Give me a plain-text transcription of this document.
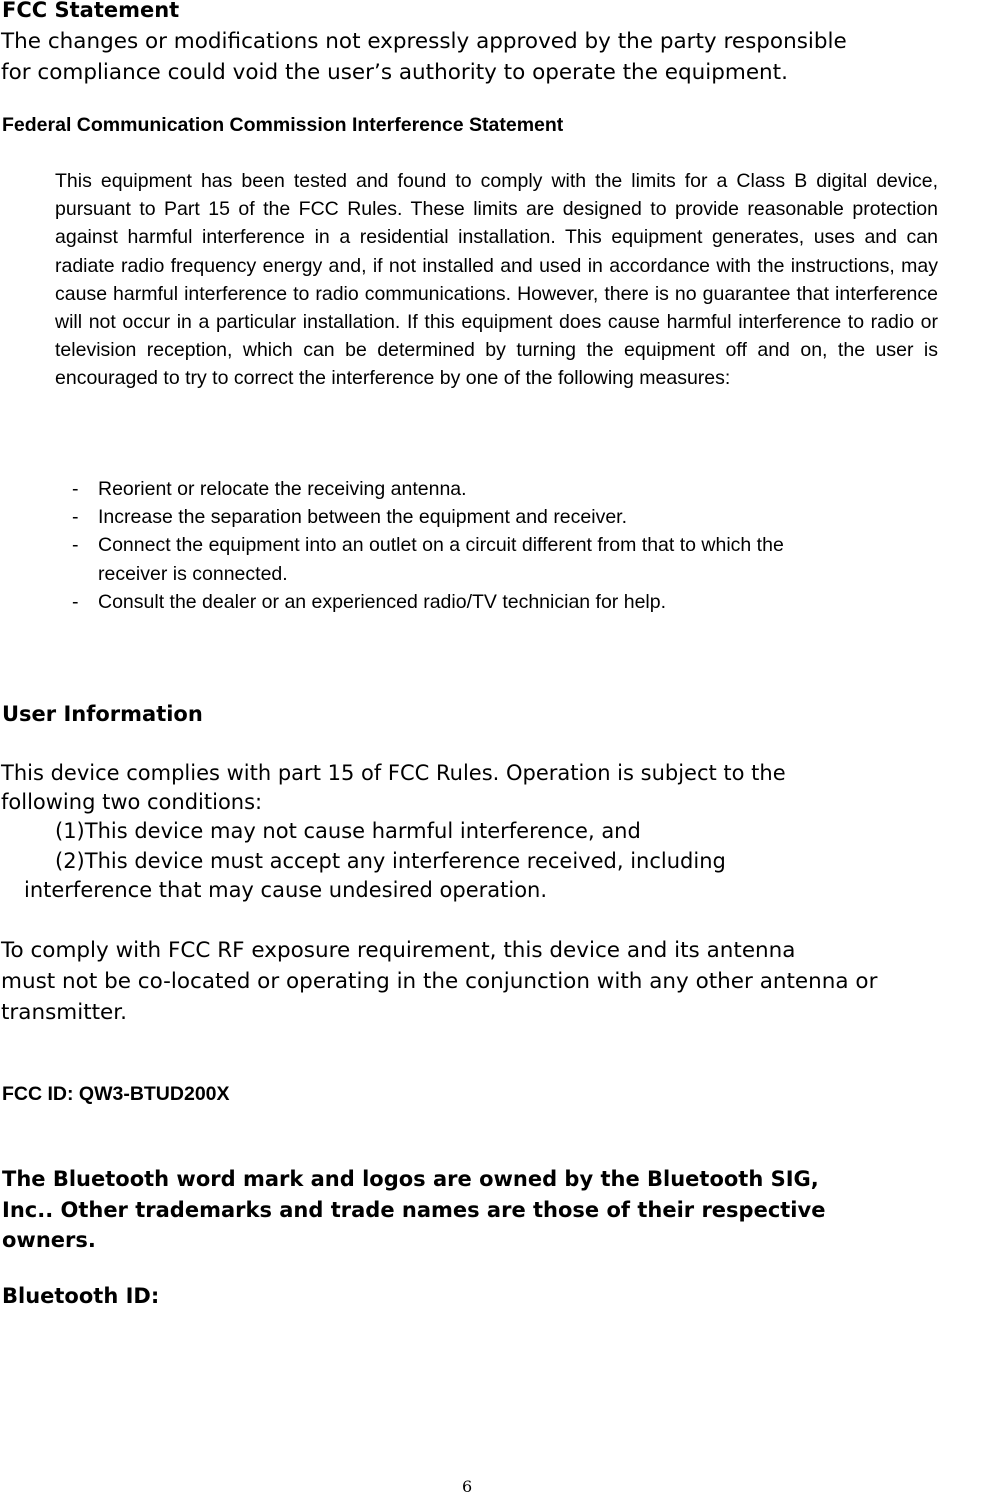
FCC Statement
The changes or modifications not expressly approved by the party responsible
for compliance could void the user’s authority to operate the equipment.
Federal Communication Commission Interference Statement
This equipment has been tested and found to comply with the limits for a Class B digital device, pursuant to Part 15 of the FCC Rules. These limits are designed to provide reasonable protection against harmful interference in a residential installation. This equipment generates, uses and can radiate radio frequency energy and, if not installed and used in accordance with the instructions, may cause harmful interference to radio communications. However, there is no guarantee that interference will not occur in a particular installation. If this equipment does cause harmful interference to radio or television reception, which can be determined by turning the equipment off and on, the user is encouraged to try to correct the interference by one of the following measures:
- Reorient or relocate the receiving antenna.
- Increase the separation between the equipment and receiver.
- Connect the equipment into an outlet on a circuit different from that to which the receiver is connected.
- Consult the dealer or an experienced radio/TV technician for help.
User Information
This device complies with part 15 of FCC Rules. Operation is subject to the
following two conditions:
(1)This device may not cause harmful interference, and
(2)This device must accept any interference received, including
interference that may cause undesired operation.
To comply with FCC RF exposure requirement, this device and its antenna
must not be co-located or operating in the conjunction with any other antenna or
transmitter.
FCC ID: QW3-BTUD200X
The Bluetooth word mark and logos are owned by the Bluetooth SIG,
Inc.. Other trademarks and trade names are those of their respective
owners.
Bluetooth ID:
6
